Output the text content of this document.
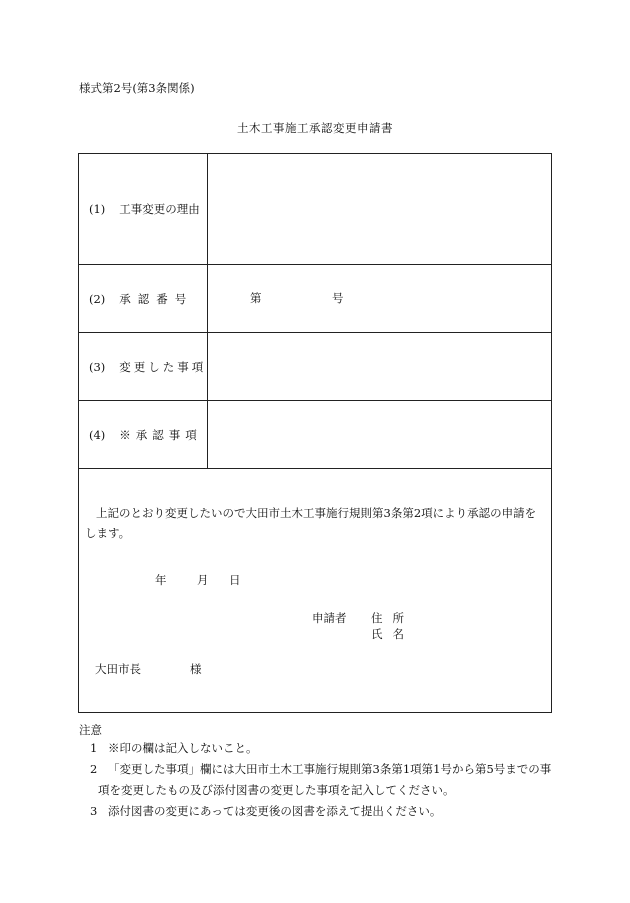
様式第2号(第3条関係)
土木工事施工承認変更申請書
(1) 工事変更の理由
(2) 承認番号	第	号
(3) 変更した事項
(4) ※承認事項
上記のとおり変更したいので大田市土木工事施行規則第3条第2項により承認の申請をします。
年	月 日
申請者 住所
氏名
大田市長	様
注意
1 ※印の欄は記入しないこと。
2 「変更した事項」欄には大田市土木工事施行規則第3条第1項第1号から第5号までの事
項を変更したもの及び添付図書の変更した事項を記入してください。
3 添付図書の変更にあっては変更後の図書を添えて提出ください。
